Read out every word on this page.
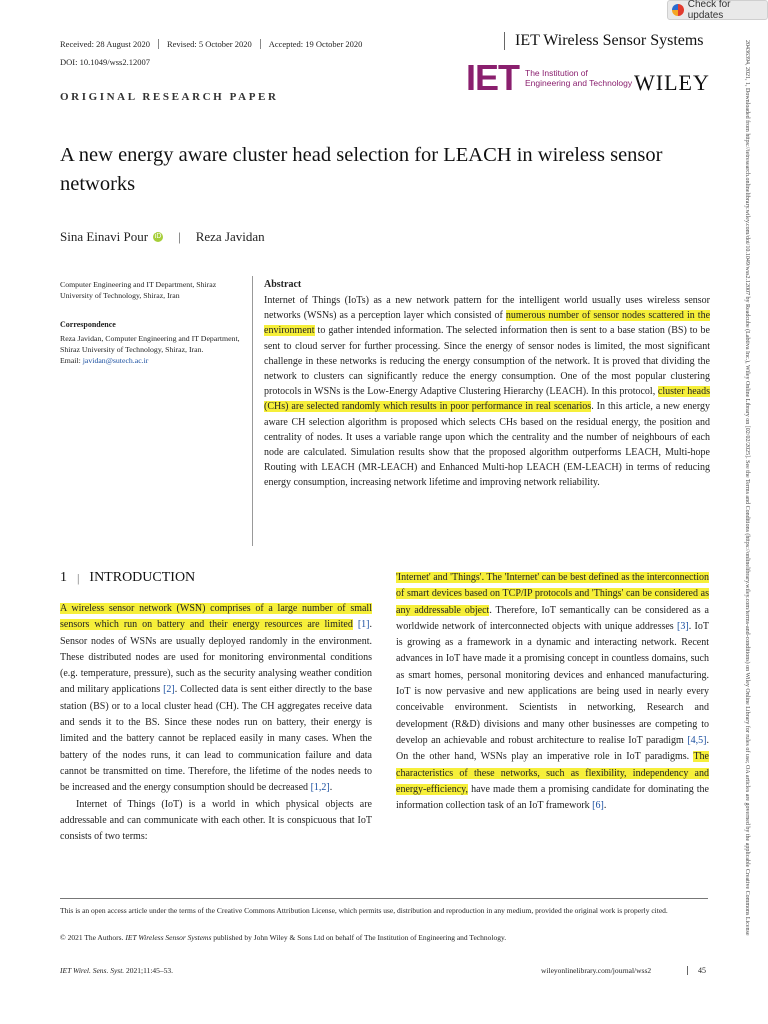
Check for updates
Received: 28 August 2020	Revised: 5 October 2020	Accepted: 19 October 2020
DOI: 10.1049/wss2.12007
IET Wireless Sensor Systems
IET The Institution of
Engineering and Technology WILEY
ORIGINAL RESEARCH PAPER
A new energy aware cluster head selection for LEACH in wireless sensor networks
Sina Einavi Pour iD | Reza Javidan
Computer Engineering and IT Department, Shiraz University of Technology, Shiraz, Iran
Correspondence
Reza Javidan, Computer Engineering and IT Department, Shiraz University of Technology, Shiraz, Iran.
Email: javidan@sutech.ac.ir
Abstract
Internet of Things (IoTs) as a new network pattern for the intelligent world usually uses wireless sensor networks (WSNs) as a perception layer which consisted of numerous number of sensor nodes scattered in the environment to gather intended information. The selected information then is sent to a base station (BS) to be sent to cloud server for further processing. Since the energy of sensor nodes is limited, the most significant challenge in these networks is reducing the energy consumption of the network. It is proved that dividing the network to clusters can significantly reduce the energy consumption. One of the most popular clustering protocols in WSNs is the Low-Energy Adaptive Clustering Hierarchy (LEACH). In this protocol, cluster heads (CHs) are selected randomly which results in poor performance in real scenarios. In this article, a new energy aware CH selection algorithm is proposed which selects CHs based on the residual energy, the position and centrality of nodes. It uses a variable range upon which the centrality and the number of neighbours of each node are calculated. Simulation results show that the proposed algorithm outperforms LEACH, Multi-hope Routing with LEACH (MR-LEACH) and Enhanced Multi-hop LEACH (EM-LEACH) in terms of reducing energy consumption, increasing network lifetime and improving network reliability.
1 | INTRODUCTION

A wireless sensor network (WSN) comprises of a large number of small sensors which run on battery and their energy resources are limited [1]. Sensor nodes of WSNs are usually deployed randomly in the environment. These distributed nodes are used for monitoring environmental conditions (e.g. temperature, pressure), such as the security analysing weather condition and military applications [2]. Collected data is sent either directly to the base station (BS) or to a local cluster head (CH). The CH aggregates receive data and sends it to the BS. Since these nodes run on battery, their energy is limited and the battery cannot be replaced easily in many cases. When the battery of the nodes runs, it can lead to communication failure and data cannot be transmitted on time. Therefore, the lifetime of the nodes needs to be increased and the energy consumption should be decreased [1,2].

Internet of Things (IoT) is a world in which physical objects are addressable and can communicate with each other. It is conspicuous that IoT consists of two terms:

'Internet' and 'Things'. The 'Internet' can be best defined as the interconnection of smart devices based on TCP/IP protocols and 'Things' can be considered as any addressable object. Therefore, IoT semantically can be considered as a worldwide network of interconnected objects with unique addresses [3]. IoT is growing as a framework in a dynamic and interacting network. Recent advances in IoT have made it a promising concept in countless domains, such as smart homes, personal monitoring devices and enhanced manufacturing. IoT is now pervasive and new applications are being used in nearly every conceivable environment. Scientists in networking, Research and development (R&D) divisions and many other businesses are competing to develop an achievable and robust architecture to realise IoT paradigm [4,5]. On the other hand, WSNs play an imperative role in IoT paradigms. The characteristics of these networks, such as flexibility, independency and energy-efficiency, have made them a promising candidate for dominating the information collection task of an IoT framework [6].

This is an open access article under the terms of the Creative Commons Attribution License, which permits use, distribution and reproduction in any medium, provided the original work is properly cited.
© 2021 The Authors. IET Wireless Sensor Systems published by John Wiley & Sons Ltd on behalf of The Institution of Engineering and Technology.
IET Wirel. Sens. Syst. 2021;11:45–53.	wileyonlinelibrary.com/journal/wss2	45
20436394, 2021, 1, Downloaded from https://ietresearch.onlinelibrary.wiley.com/doi/10.1049/wss2.12007 by Readcube (Labtiva Inc.), Wiley Online Library on [02/02/2025]. See the Terms and Conditions (https://onlinelibrary.wiley.com/terms-and-conditions) on Wiley Online Library for rules of use; OA articles are governed by the applicable Creative Commons License
